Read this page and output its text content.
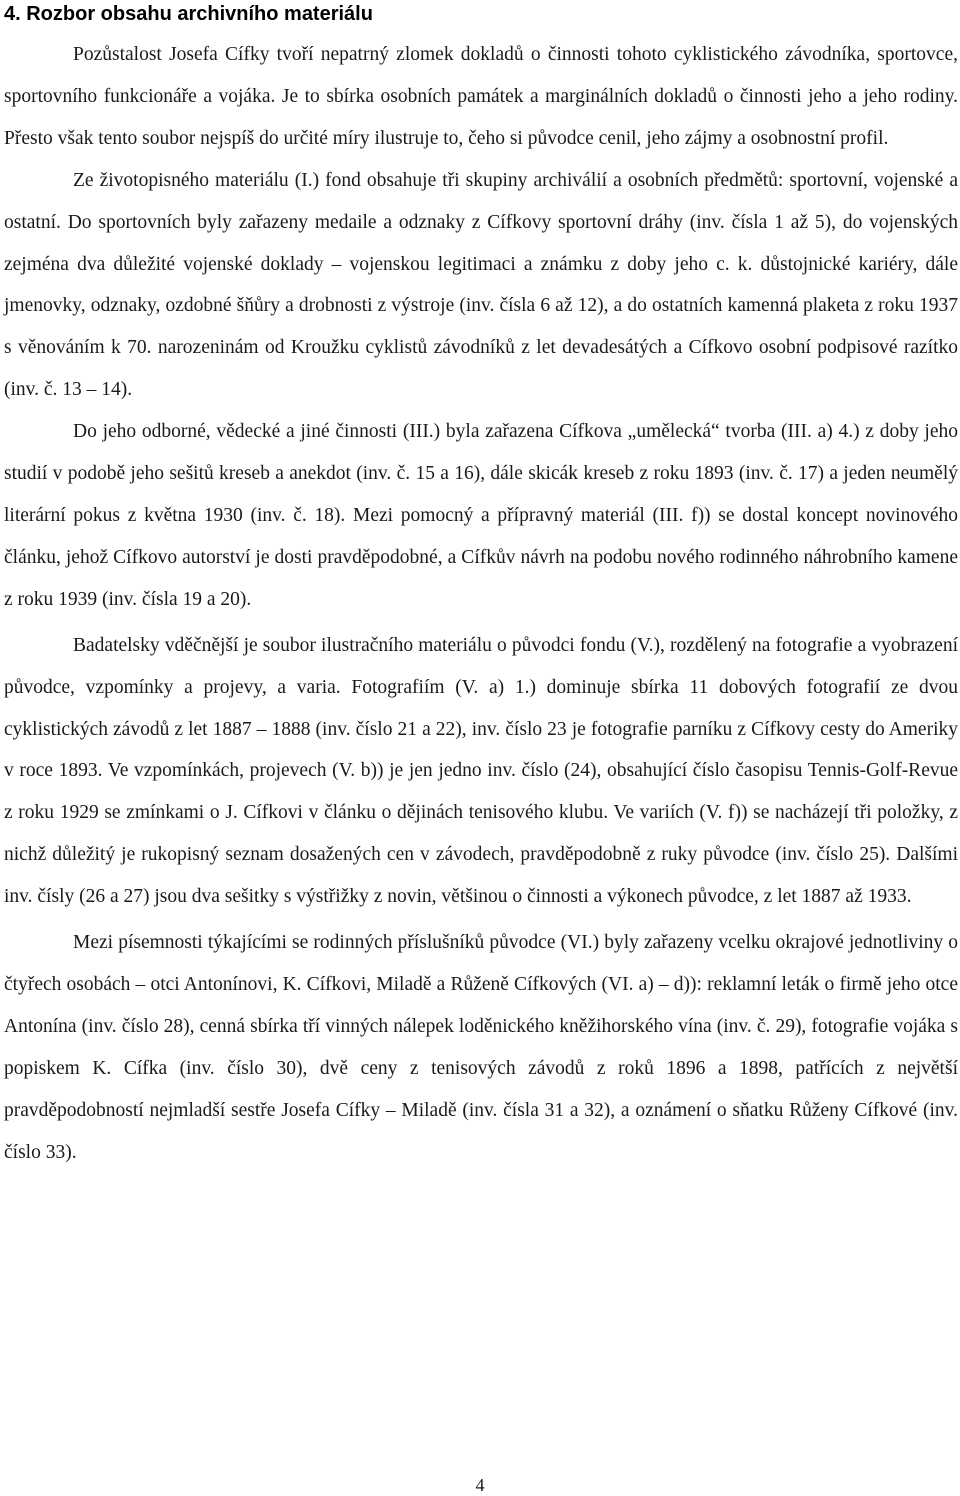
4. Rozbor obsahu archivního materiálu

Pozůstalost Josefa Cífky tvoří nepatrný zlomek dokladů o činnosti tohoto cyklistického závodníka, sportovce, sportovního funkcionáře a vojáka. Je to sbírka osobních památek a marginálních dokladů o činnosti jeho a jeho rodiny. Přesto však tento soubor nejspíš do určité míry ilustruje to, čeho si původce cenil, jeho zájmy a osobnostní profil.

Ze životopisného materiálu (I.) fond obsahuje tři skupiny archiválií a osobních předmětů: sportovní, vojenské a ostatní. Do sportovních byly zařazeny medaile a odznaky z Cífkovy sportovní dráhy (inv. čísla 1 až 5), do vojenských zejména dva důležité vojenské doklady – vojenskou legitimaci a známku z doby jeho c. k. důstojnické kariéry, dále jmenovky, odznaky, ozdobné šňůry a drobnosti z výstroje (inv. čísla 6 až 12), a do ostatních kamenná plaketa z roku 1937 s věnováním k 70. narozeninám od Kroužku cyklistů závodníků z let devadesátých a Cífkovo osobní podpisové razítko (inv. č. 13 – 14).

Do jeho odborné, vědecké a jiné činnosti (III.) byla zařazena Cífkova „umělecká“ tvorba (III. a) 4.) z doby jeho studií v podobě jeho sešitů kreseb a anekdot (inv. č. 15 a 16), dále skicák kreseb z roku 1893 (inv. č. 17) a jeden neumělý literární pokus z května 1930 (inv. č. 18). Mezi pomocný a přípravný materiál (III. f)) se dostal koncept novinového článku, jehož Cífkovo autorství je dosti pravděpodobné, a Cífkův návrh na podobu nového rodinného náhrobního kamene z roku 1939 (inv. čísla 19 a 20).

Badatelsky vděčnější je soubor ilustračního materiálu o původci fondu (V.), rozdělený na fotografie a vyobrazení původce, vzpomínky a projevy, a varia. Fotografiím (V. a) 1.) dominuje sbírka 11 dobových fotografií ze dvou cyklistických závodů z let 1887 – 1888 (inv. číslo 21 a 22), inv. číslo 23 je fotografie parníku z Cífkovy cesty do Ameriky v roce 1893. Ve vzpomínkách, projevech (V. b)) je jen jedno inv. číslo (24), obsahující číslo časopisu Tennis-Golf-Revue z roku 1929 se zmínkami o J. Cífkovi v článku o dějinách tenisového klubu. Ve variích (V. f)) se nacházejí tři položky, z nichž důležitý je rukopisný seznam dosažených cen v závodech, pravděpodobně z ruky původce (inv. číslo 25). Dalšími inv. čísly (26 a 27) jsou dva sešitky s výstřižky z novin, většinou o činnosti a výkonech původce, z let 1887 až 1933.

Mezi písemnosti týkajícími se rodinných příslušníků původce (VI.) byly zařazeny vcelku okrajové jednotliviny o čtyřech osobách – otci Antonínovi, K. Cífkovi, Miladě a Růženě Cífkových (VI. a) – d)): reklamní leták o firmě jeho otce Antonína (inv. číslo 28), cenná sbírka tří vinných nálepek loděnického kněžihorského vína (inv. č. 29), fotografie vojáka s popiskem K. Cífka (inv. číslo 30), dvě ceny z tenisových závodů z roků 1896 a 1898, patřících z největší pravděpodobností nejmladší sestře Josefa Cífky – Miladě (inv. čísla 31 a 32), a oznámení o sňatku Růženy Cífkové (inv. číslo 33).

4
